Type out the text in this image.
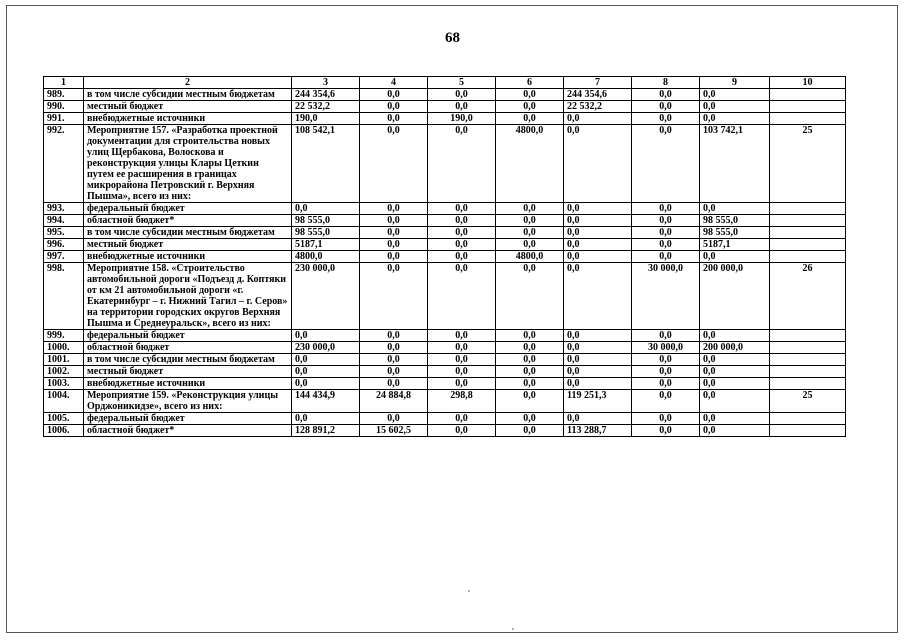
68
1	2	3	4	5	6	7	8	9	10
989.	в том числе субсидии местным бюджетам	244 354,6	0,0	0,0	0,0	244 354,6	0,0	0,0	
990.	местный бюджет	22 532,2	0,0	0,0	0,0	22 532,2	0,0	0,0	
991.	внебюджетные источники	190,0	0,0	190,0	0,0	0,0	0,0	0,0	
992.	Мероприятие 157. «Разработка проектной документации для строительства новых улиц Щербакова, Волоскова и реконструкция улицы Клары Цеткин путем ее расширения в границах микрорайона Петровский г. Верхняя Пышма», всего из них:	108 542,1	0,0	0,0	4800,0	0,0	0,0	103 742,1	25
993.	федеральный бюджет	0,0	0,0	0,0	0,0	0,0	0,0	0,0	
994.	областной бюджет*	98 555,0	0,0	0,0	0,0	0,0	0,0	98 555,0	
995.	в том числе субсидии местным бюджетам	98 555,0	0,0	0,0	0,0	0,0	0,0	98 555,0	
996.	местный бюджет	5187,1	0,0	0,0	0,0	0,0	0,0	5187,1	
997.	внебюджетные источники	4800,0	0,0	0,0	4800,0	0,0	0,0	0,0	
998.	Мероприятие 158. «Строительство автомобильной дороги «Подъезд д. Коптяки от км 21 автомобильной дороги «г. Екатеринбург – г. Нижний Тагил – г. Серов» на территории городских округов Верхняя Пышма и Среднеуральск», всего из них:	230 000,0	0,0	0,0	0,0	0,0	30 000,0	200 000,0	26
999.	федеральный бюджет	0,0	0,0	0,0	0,0	0,0	0,0	0,0	
1000.	областной бюджет	230 000,0	0,0	0,0	0,0	0,0	30 000,0	200 000,0	
1001.	в том числе субсидии местным бюджетам	0,0	0,0	0,0	0,0	0,0	0,0	0,0	
1002.	местный бюджет	0,0	0,0	0,0	0,0	0,0	0,0	0,0	
1003.	внебюджетные источники	0,0	0,0	0,0	0,0	0,0	0,0	0,0	
1004.	Мероприятие 159. «Реконструкция улицы Орджоникидзе», всего из них:	144 434,9	24 884,8	298,8	0,0	119 251,3	0,0	0,0	25
1005.	федеральный бюджет	0,0	0,0	0,0	0,0	0,0	0,0	0,0	
1006.	областной бюджет*	128 891,2	15 602,5	0,0	0,0	113 288,7	0,0	0,0	
